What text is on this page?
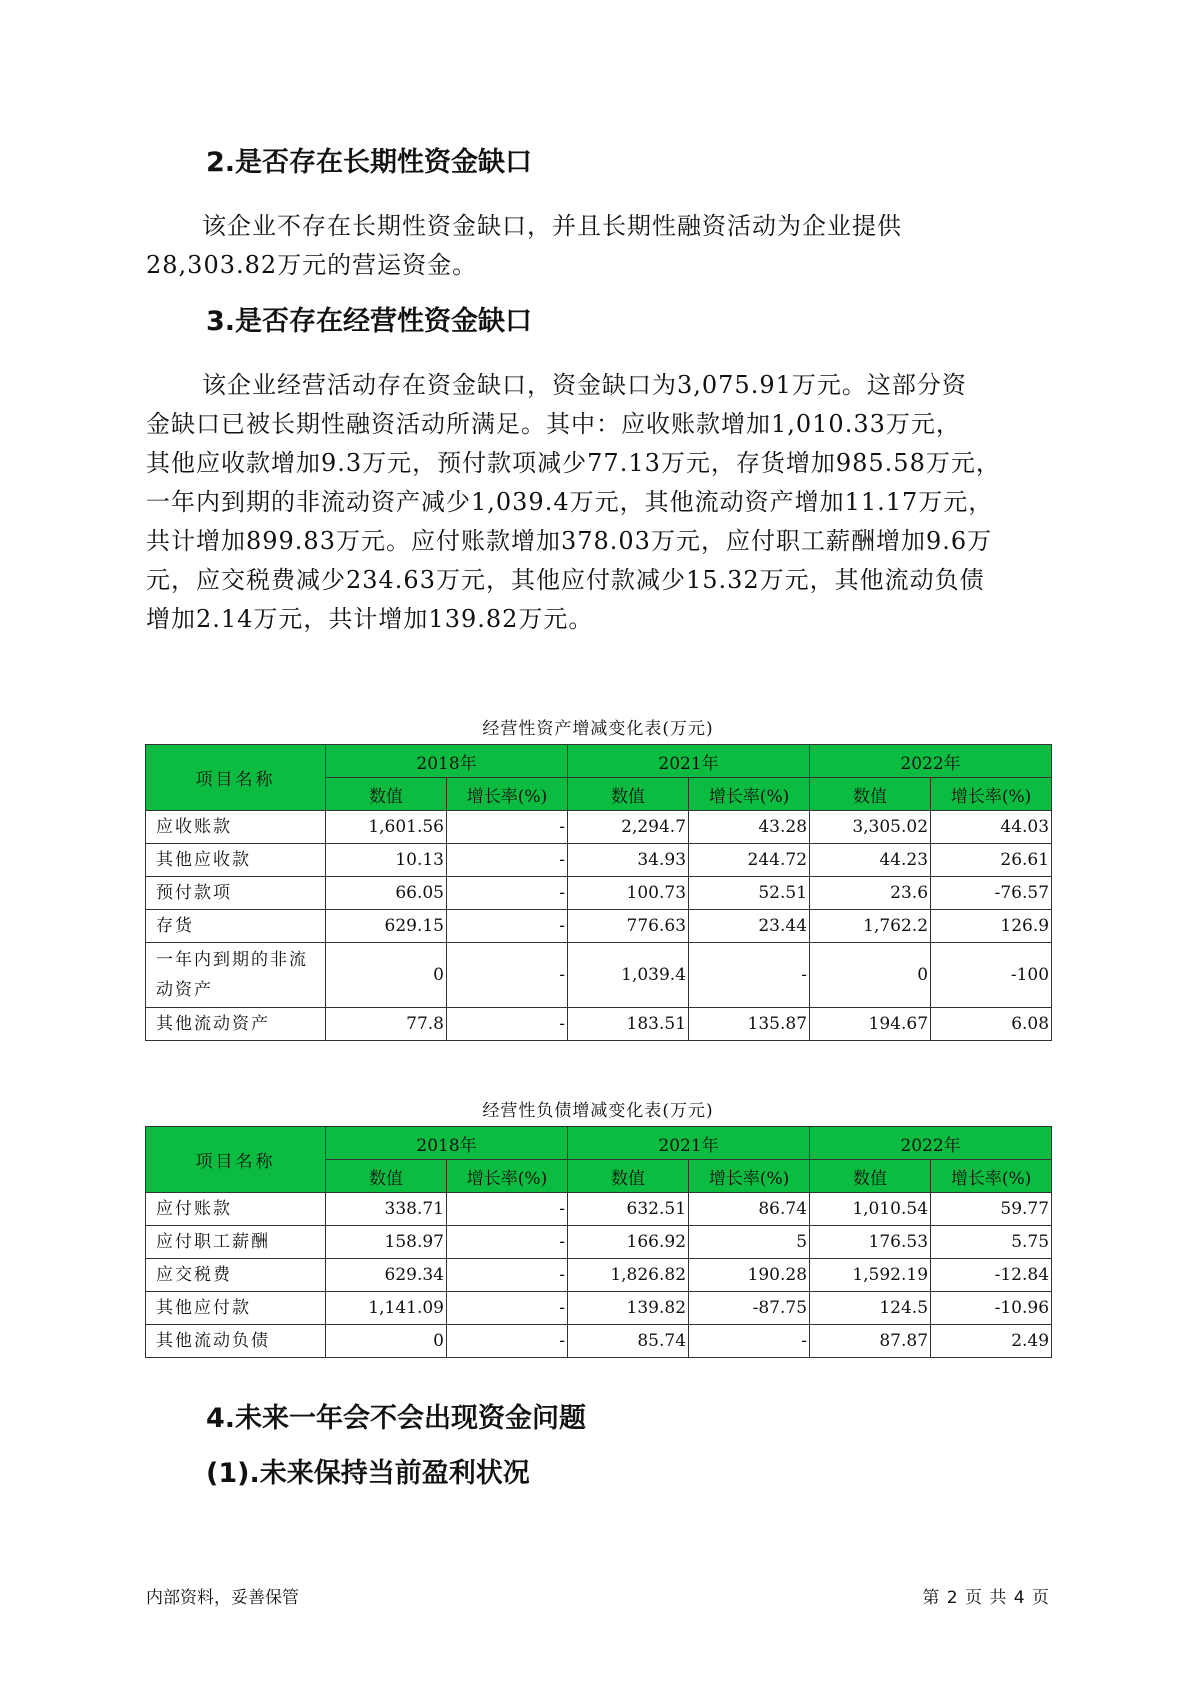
2.是否存在长期性资金缺口

该企业不存在长期性资金缺口，并且长期性融资活动为企业提供
28,303.82万元的营运资金。

3.是否存在经营性资金缺口

该企业经营活动存在资金缺口，资金缺口为3,075.91万元。这部分资
金缺口已被长期性融资活动所满足。其中：应收账款增加1,010.33万元，
其他应收款增加9.3万元，预付款项减少77.13万元，存货增加985.58万元，
一年内到期的非流动资产减少1,039.4万元，其他流动资产增加11.17万元，
共计增加899.83万元。应付账款增加378.03万元，应付职工薪酬增加9.6万
元，应交税费减少234.63万元，其他应付款减少15.32万元，其他流动负债
增加2.14万元，共计增加139.82万元。

经营性资产增减变化表(万元)
项目名称	2018年		2021年		2022年	
	数值	增长率(%)	数值	增长率(%)	数值	增长率(%)
应收账款	1,601.56	-	2,294.7	43.28	3,305.02	44.03
其他应收款	10.13	-	34.93	244.72	44.23	26.61
预付款项	66.05	-	100.73	52.51	23.6	-76.57
存货	629.15	-	776.63	23.44	1,762.2	126.9
一年内到期的非流动资产	0	-	1,039.4	-	0	-100
其他流动资产	77.8	-	183.51	135.87	194.67	6.08
经营性负债增减变化表(万元)
项目名称	2018年		2021年		2022年	
	数值	增长率(%)	数值	增长率(%)	数值	增长率(%)
应付账款	338.71	-	632.51	86.74	1,010.54	59.77
应付职工薪酬	158.97	-	166.92	5	176.53	5.75
应交税费	629.34	-	1,826.82	190.28	1,592.19	-12.84
其他应付款	1,141.09	-	139.82	-87.75	124.5	-10.96
其他流动负债	0	-	85.74	-	87.87	2.49
4.未来一年会不会出现资金问题
(1).未来保持当前盈利状况
内部资料，妥善保管	第 2 页 共 4 页
